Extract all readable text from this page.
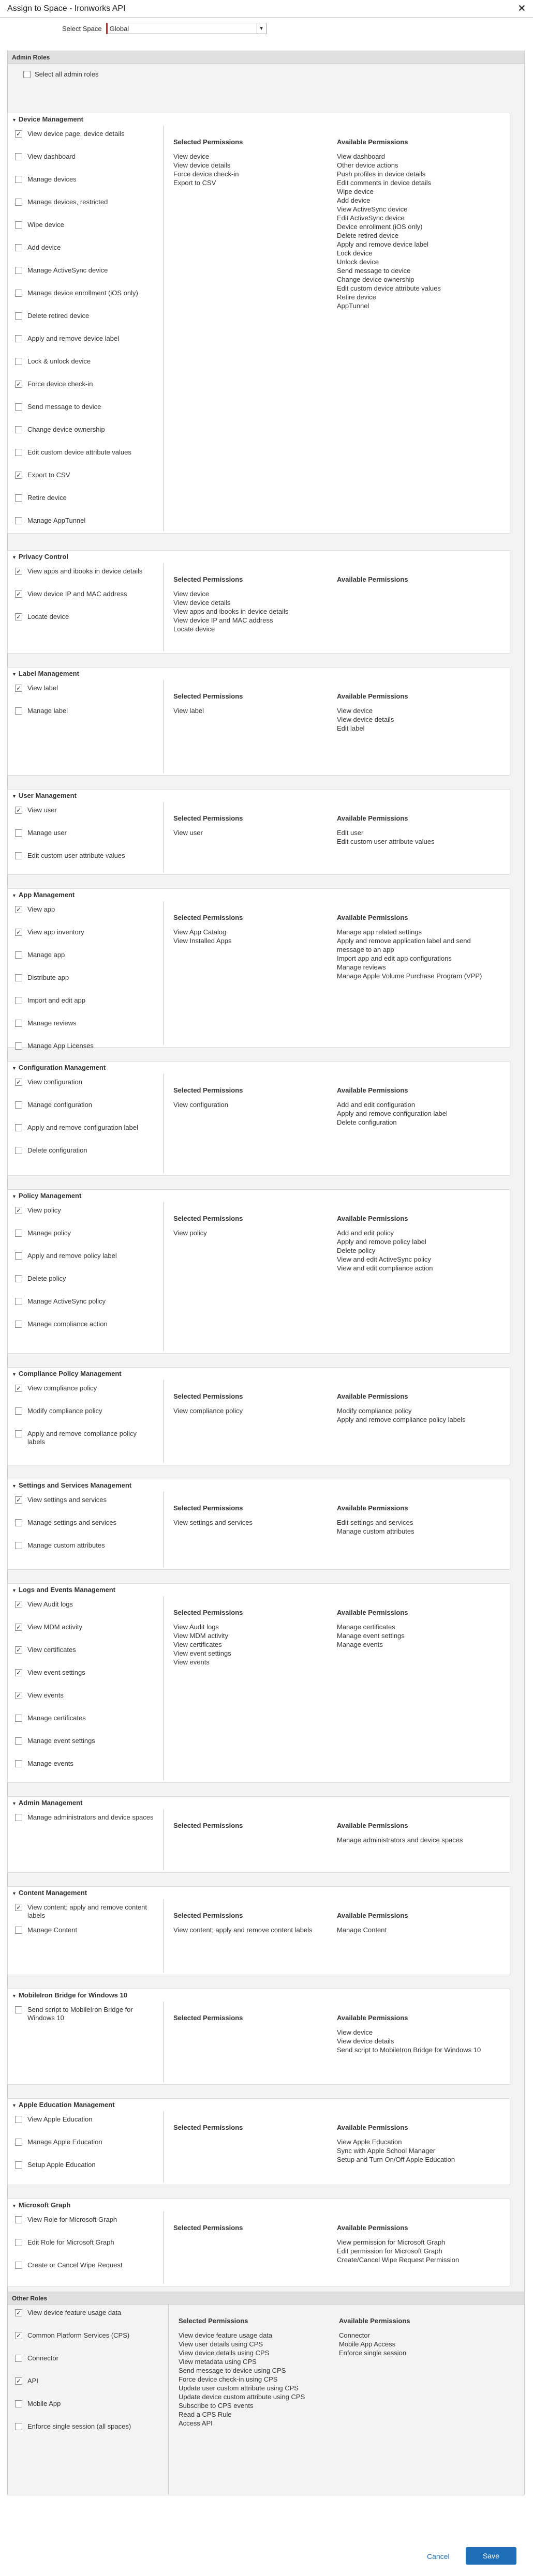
Assign to Space - Ironworks API	✕
Select Space Global	▼
Admin Roles
Select all admin roles
▼ Device Management
✓
View device page, device details
View dashboard
Manage devices
Manage devices, restricted
Wipe device
Add device
Manage ActiveSync device
Manage device enrollment (iOS only)
Delete retired device
Apply and remove device label
Lock & unlock device
✓
Force device check-in
Send message to device
Change device ownership
Edit custom device attribute values
✓
Export to CSV
Retire device
Manage AppTunnel
Selected Permissions
View device
View device details
Force device check-in
Export to CSV
Available Permissions
View dashboard
Other device actions
Push profiles in device details
Edit comments in device details
Wipe device
Add device
View ActiveSync device
Edit ActiveSync device
Device enrollment (iOS only)
Delete retired device
Apply and remove device label
Lock device
Unlock device
Send message to device
Change device ownership
Edit custom device attribute values
Retire device
AppTunnel
▼ Privacy Control
✓
View apps and ibooks in device details
✓
View device IP and MAC address
✓
Locate device
Selected Permissions
View device
View device details
View apps and ibooks in device details
View device IP and MAC address
Locate device
Available Permissions
▼ Label Management
✓
View label
Manage label
Selected Permissions
View label
Available Permissions
View device
View device details
Edit label
▼ User Management
✓
View user
Manage user
Edit custom user attribute values
Selected Permissions
View user
Available Permissions
Edit user
Edit custom user attribute values
▼ App Management
✓
View app
✓
View app inventory
Manage app
Distribute app
Import and edit app
Manage reviews
Manage App Licenses
Selected Permissions
View App Catalog
View Installed Apps
Available Permissions
Manage app related settings
Apply and remove application label and send message to an app
Import app and edit app configurations
Manage reviews
Manage Apple Volume Purchase Program (VPP)
▼ Configuration Management
✓
View configuration
Manage configuration
Apply and remove configuration label
Delete configuration
Selected Permissions
View configuration
Available Permissions
Add and edit configuration
Apply and remove configuration label
Delete configuration
▼ Policy Management
✓
View policy
Manage policy
Apply and remove policy label
Delete policy
Manage ActiveSync policy
Manage compliance action
Selected Permissions
View policy
Available Permissions
Add and edit policy
Apply and remove policy label
Delete policy
View and edit ActiveSync policy
View and edit compliance action
▼ Compliance Policy Management
✓
View compliance policy
Modify compliance policy
Apply and remove compliance policy labels
Selected Permissions
View compliance policy
Available Permissions
Modify compliance policy
Apply and remove compliance policy labels
▼ Settings and Services Management
✓
View settings and services
Manage settings and services
Manage custom attributes
Selected Permissions
View settings and services
Available Permissions
Edit settings and services
Manage custom attributes
▼ Logs and Events Management
✓
View Audit logs
✓
View MDM activity
✓
View certificates
✓
View event settings
✓
View events
Manage certificates
Manage event settings
Manage events
Selected Permissions
View Audit logs
View MDM activity
View certificates
View event settings
View events
Available Permissions
Manage certificates
Manage event settings
Manage events
▼ Admin Management
Manage administrators and device spaces
Selected Permissions	Available Permissions
Manage administrators and device spaces
▼ Content Management
✓
View content; apply and remove content labels
Manage Content
Selected Permissions
View content; apply and remove content labels
Available Permissions
Manage Content
▼ MobileIron Bridge for Windows 10
Send script to MobileIron Bridge for Windows 10	Selected Permissions	Available Permissions
View device
View device details
Send script to MobileIron Bridge for Windows 10
▼ Apple Education Management
View Apple Education
Manage Apple Education
Setup Apple Education
Selected Permissions	Available Permissions
View Apple Education
Sync with Apple School Manager
Setup and Turn On/Off Apple Education
▼ Microsoft Graph
View Role for Microsoft Graph
Edit Role for Microsoft Graph
Create or Cancel Wipe Request
Selected Permissions	Available Permissions
View permission for Microsoft Graph
Edit permission for Microsoft Graph
Create/Cancel Wipe Request Permission
Other Roles
✓
View device feature usage data
✓
Common Platform Services (CPS)
Connector
✓
API
Mobile App
Enforce single session (all spaces)
Selected Permissions
View device feature usage data
View user details using CPS
View device details using CPS
View metadata using CPS
Send message to device using CPS
Force device check-in using CPS
Update user custom attribute using CPS
Update device custom attribute using CPS
Subscribe to CPS events
Read a CPS Rule
Access API
Available Permissions
Connector
Mobile App Access
Enforce single session
Cancel	Save
